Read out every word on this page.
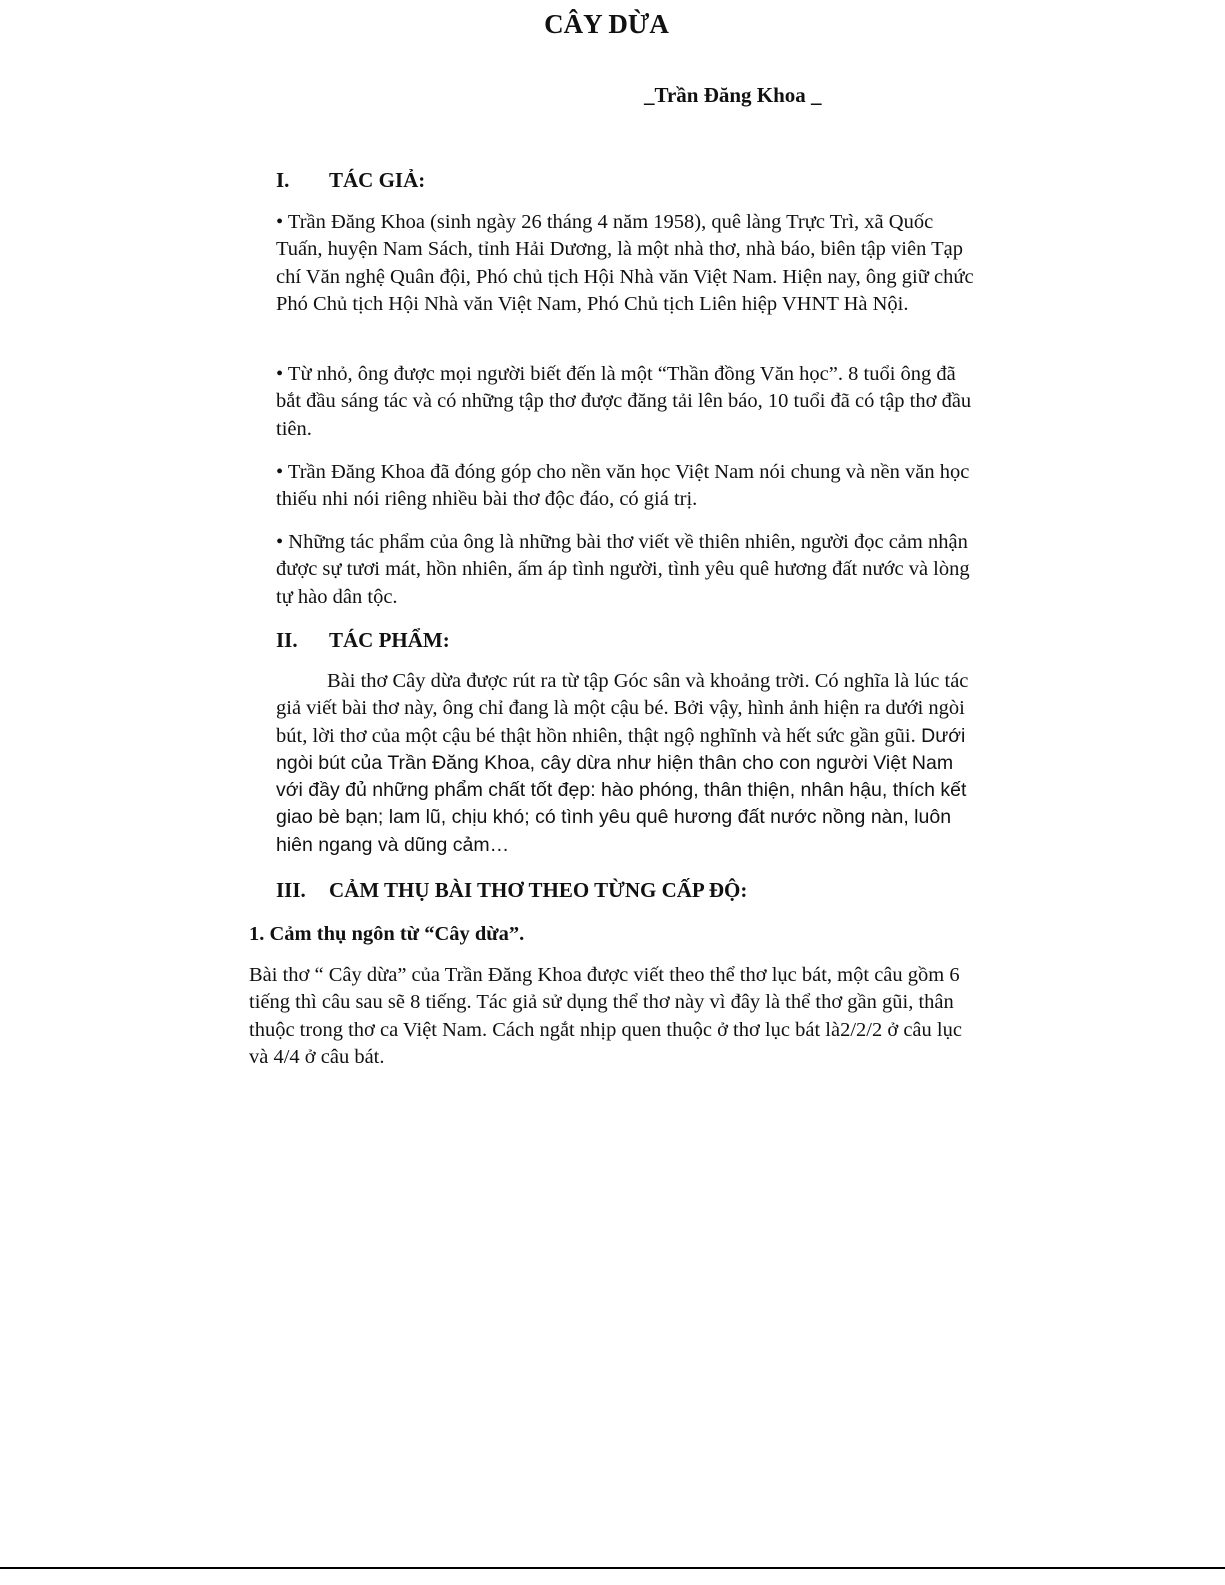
CÂY DỪA
_Trần Đăng Khoa _
I. TÁC GIẢ:

• Trần Đăng Khoa (sinh ngày 26 tháng 4 năm 1958), quê làng Trực Trì, xã Quốc Tuấn, huyện Nam Sách, tỉnh Hải Dương, là một nhà thơ, nhà báo, biên tập viên Tạp chí Văn nghệ Quân đội, Phó chủ tịch Hội Nhà văn Việt Nam. Hiện nay, ông giữ chức Phó Chủ tịch Hội Nhà văn Việt Nam, Phó Chủ tịch Liên hiệp VHNT Hà Nội.

• Từ nhỏ, ông được mọi người biết đến là một “Thần đồng Văn học”. 8 tuổi ông đã bắt đầu sáng tác và có những tập thơ được đăng tải lên báo, 10 tuổi đã có tập thơ đầu tiên.

• Trần Đăng Khoa đã đóng góp cho nền văn học Việt Nam nói chung và nền văn học thiếu nhi nói riêng nhiều bài thơ độc đáo, có giá trị.

• Những tác phẩm của ông là những bài thơ viết về thiên nhiên, người đọc cảm nhận được sự tươi mát, hồn nhiên, ấm áp tình người, tình yêu quê hương đất nước và lòng tự hào dân tộc.

II. TÁC PHẨM:

Bài thơ Cây dừa được rút ra từ tập Góc sân và khoảng trời. Có nghĩa là lúc tác giả viết bài thơ này, ông chỉ đang là một cậu bé. Bởi vậy, hình ảnh hiện ra dưới ngòi bút, lời thơ của một cậu bé thật hồn nhiên, thật ngộ nghĩnh và hết sức gần gũi. Dưới ngòi bút của Trần Đăng Khoa, cây dừa như hiện thân cho con người Việt Nam với đầy đủ những phẩm chất tốt đẹp: hào phóng, thân thiện, nhân hậu, thích kết giao bè bạn; lam lũ, chịu khó; có tình yêu quê hương đất nước nồng nàn, luôn hiên ngang và dũng cảm…

III. CẢM THỤ BÀI THƠ THEO TỪNG CẤP ĐỘ:
1. Cảm thụ ngôn từ “Cây dừa”.

Bài thơ “ Cây dừa” của Trần Đăng Khoa được viết theo thể thơ lục bát, một câu gồm 6 tiếng thì câu sau sẽ 8 tiếng. Tác giả sử dụng thể thơ này vì đây là thể thơ gần gũi, thân thuộc trong thơ ca Việt Nam. Cách ngắt nhịp quen thuộc ở thơ lục bát là2/2/2 ở câu lục và 4/4 ở câu bát.
